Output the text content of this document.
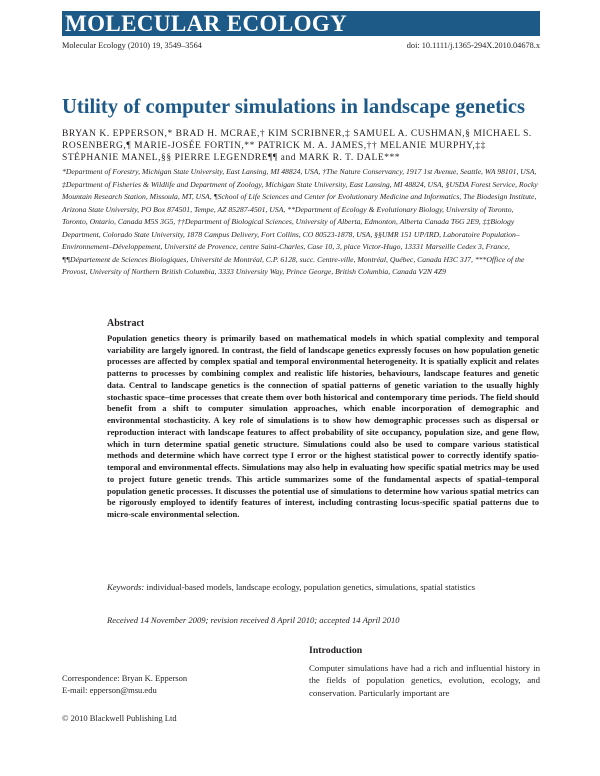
MOLECULAR ECOLOGY
Molecular Ecology (2010) 19, 3549–3564	doi: 10.1111/j.1365-294X.2010.04678.x
Utility of computer simulations in landscape genetics

BRYAN K. EPPERSON,* BRAD H. MCRAE,† KIM SCRIBNER,‡ SAMUEL A. CUSHMAN,§ MICHAEL S. ROSENBERG,¶ MARIE-JOSÉE FORTIN,** PATRICK M. A. JAMES,†† MELANIE MURPHY,‡‡ STÉPHANIE MANEL,§§ PIERRE LEGENDRE¶¶ and MARK R. T. DALE***

*Department of Forestry, Michigan State University, East Lansing, MI 48824, USA, †The Nature Conservancy, 1917 1st Avenue, Seattle, WA 98101, USA, ‡Department of Fisheries & Wildlife and Department of Zoology, Michigan State University, East Lansing, MI 48824, USA, §USDA Forest Service, Rocky Mountain Research Station, Missoula, MT, USA, ¶School of Life Sciences and Center for Evolutionary Medicine and Informatics, The Biodesign Institute, Arizona State University, PO Box 874501, Tempe, AZ 85287-4501, USA, **Department of Ecology & Evolutionary Biology, University of Toronto, Toronto, Ontario, Canada M5S 3G5, ††Department of Biological Sciences, University of Alberta, Edmonton, Alberta Canada T6G 2E9, ‡‡Biology Department, Colorado State University, 1878 Campus Delivery, Fort Collins, CO 80523-1878, USA, §§UMR 151 UP/IRD, Laboratoire Population–Environnement–Développement, Université de Provence, centre Saint-Charles, Case 10, 3, place Victor-Hugo, 13331 Marseille Cedex 3, France, ¶¶Département de Sciences Biologiques, Université de Montréal, C.P. 6128, succ. Centre-ville, Montréal, Québec, Canada H3C 3J7, ***Office of the Provost, University of Northern British Columbia, 3333 University Way, Prince George, British Columbia, Canada V2N 4Z9

Abstract

Population genetics theory is primarily based on mathematical models in which spatial complexity and temporal variability are largely ignored. In contrast, the field of landscape genetics expressly focuses on how population genetic processes are affected by complex spatial and temporal environmental heterogeneity. It is spatially explicit and relates patterns to processes by combining complex and realistic life histories, behaviours, landscape features and genetic data. Central to landscape genetics is the connection of spatial patterns of genetic variation to the usually highly stochastic space–time processes that create them over both historical and contemporary time periods. The field should benefit from a shift to computer simulation approaches, which enable incorporation of demographic and environmental stochasticity. A key role of simulations is to show how demographic processes such as dispersal or reproduction interact with landscape features to affect probability of site occupancy, population size, and gene flow, which in turn determine spatial genetic structure. Simulations could also be used to compare various statistical methods and determine which have correct type I error or the highest statistical power to correctly identify spatio-temporal and environmental effects. Simulations may also help in evaluating how specific spatial metrics may be used to project future genetic trends. This article summarizes some of the fundamental aspects of spatial–temporal population genetic processes. It discusses the potential use of simulations to determine how various spatial metrics can be rigorously employed to identify features of interest, including contrasting locus-specific spatial patterns due to micro-scale environmental selection.

Keywords: individual-based models, landscape ecology, population genetics, simulations, spatial statistics

Received 14 November 2009; revision received 8 April 2010; accepted 14 April 2010

Introduction

Computer simulations have had a rich and influential history in the fields of population genetics, evolution, ecology, and conservation. Particularly important are

Correspondence: Bryan K. Epperson
E-mail: epperson@msu.edu

© 2010 Blackwell Publishing Ltd
